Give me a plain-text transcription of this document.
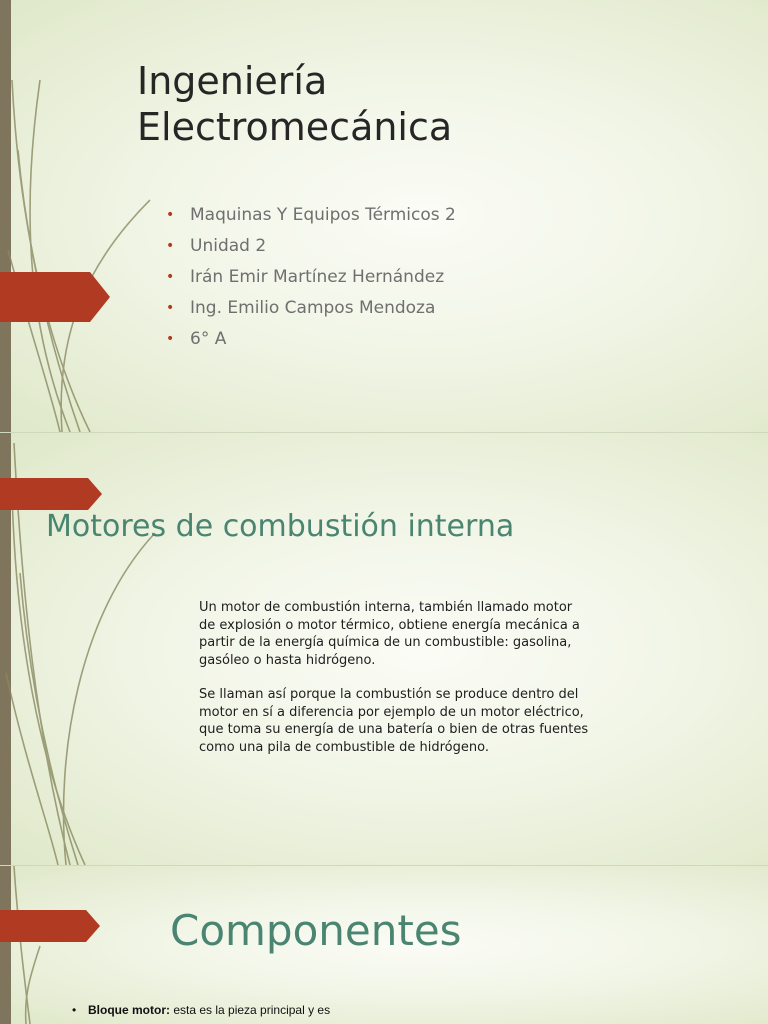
Ingeniería
Electromecánica
• Maquinas Y Equipos Térmicos 2
• Unidad 2
• Irán Emir Martínez Hernández
• Ing. Emilio Campos Mendoza
• 6° A
Motores de combustión interna

Un motor de combustión interna, también llamado motor de explosión o motor térmico, obtiene energía mecánica a partir de la energía química de un combustible: gasolina, gasóleo o hasta hidrógeno.

Se llaman así porque la combustión se produce dentro del motor en sí a diferencia por ejemplo de un motor eléctrico, que toma su energía de una batería o bien de otras fuentes como una pila de combustible de hidrógeno.

Componentes
• Bloque motor: esta es la pieza principal y es
